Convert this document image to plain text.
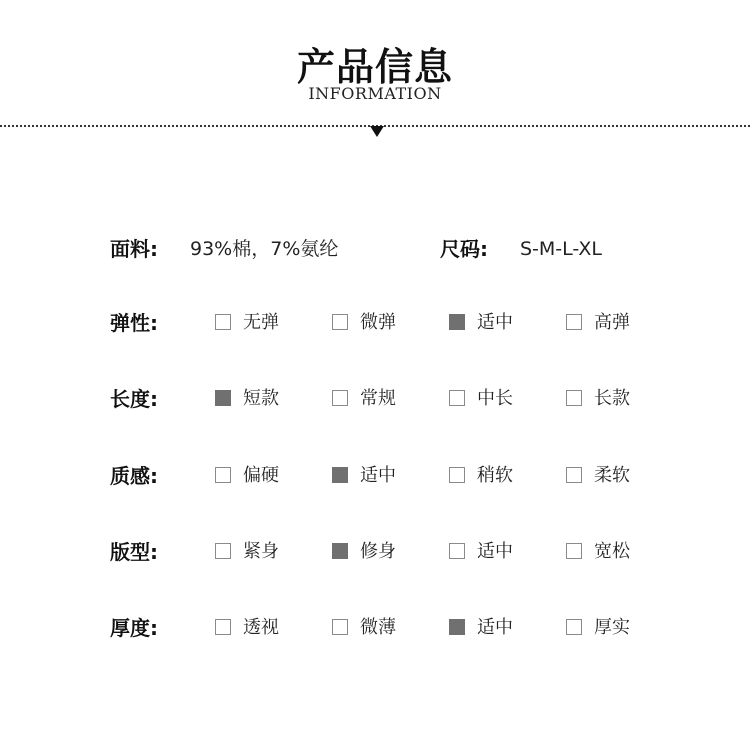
产品信息
INFORMATION
面料: 93%棉，7%氨纶	尺码: S-M-L-XL
弹性:	无弹	微弹	适中	高弹
长度:	短款	常规	中长	长款
质感:	偏硬	适中	稍软	柔软
版型:	紧身	修身	适中	宽松
厚度:	透视	微薄	适中	厚实
